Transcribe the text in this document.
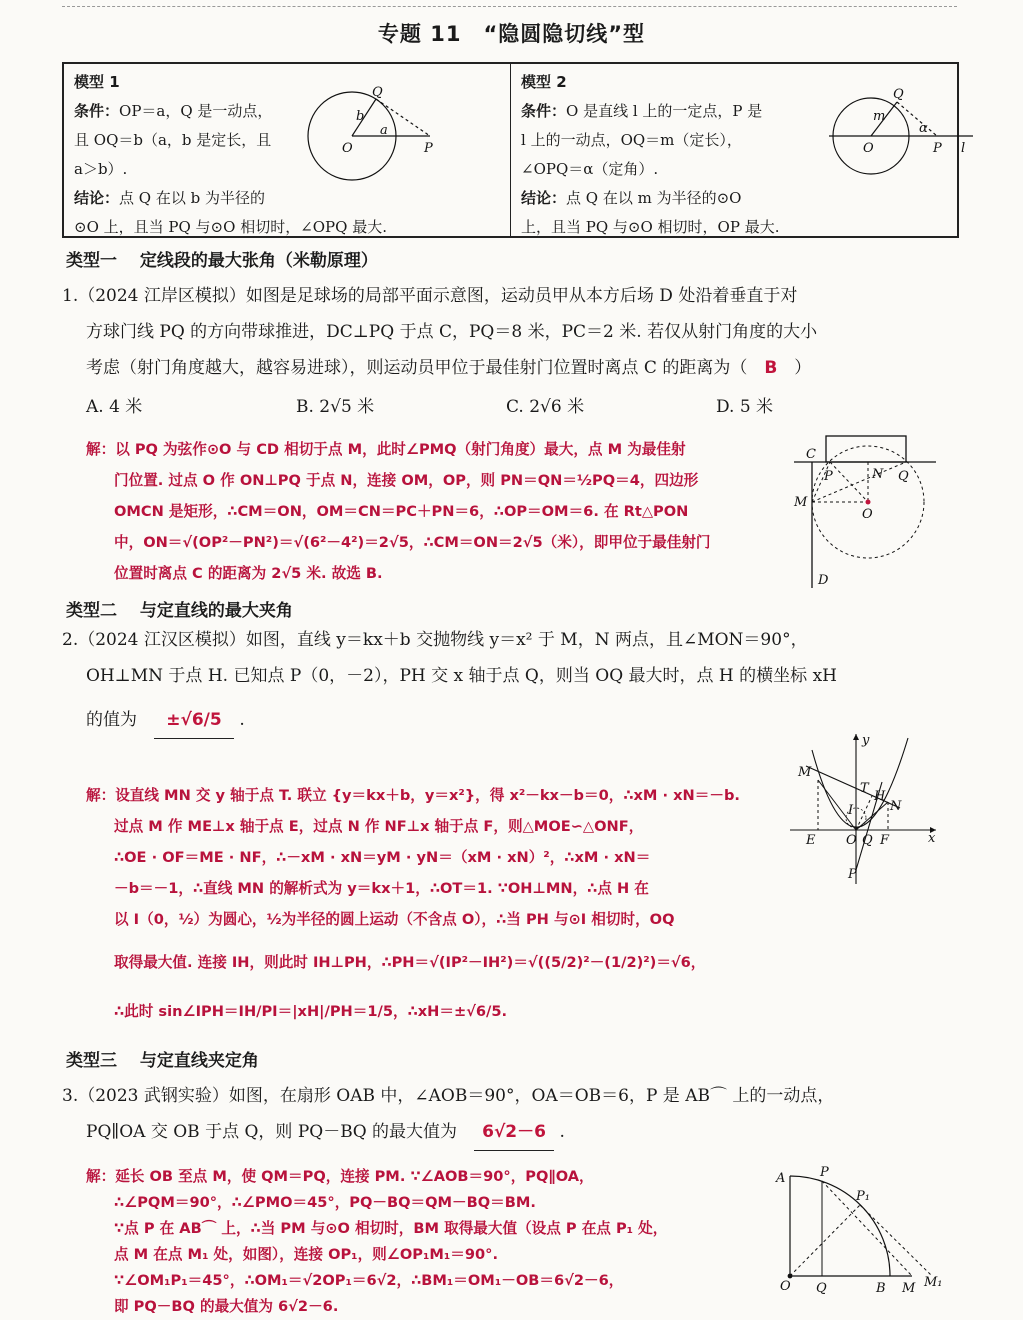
专题 11　“隐圆隐切线”型
模型 1
条件：OP＝a，Q 是一动点，
且 OQ＝b（a，b 是定长，且
a＞b）.
结论：点 Q 在以 b 为半径的
⊙O 上，且当 PQ 与⊙O 相切时，∠OPQ 最大.
Q
b
O
a
P
模型 2
条件：O 是直线 l 上的一定点，P 是
l 上的一动点，OQ＝m（定长），
∠OPQ＝α（定角）.
结论：点 Q 在以 m 为半径的⊙O
上，且当 PQ 与⊙O 相切时，OP 最大.
Q
m
α
O	P l
类型一　 定线段的最大张角（米勒原理）
1.（2024 江岸区模拟）如图是足球场的局部平面示意图，运动员甲从本方后场 D 处沿着垂直于对
方球门线 PQ 的方向带球推进，DC⊥PQ 于点 C，PQ＝8 米，PC＝2 米. 若仅从射门角度的大小
考虑（射门角度越大，越容易进球），则运动员甲位于最佳射门位置时离点 C 的距离为（　 B　 ）
A. 4 米	B. 2√5 米	C. 2√6 米	D. 5 米
解：以 PQ 为弦作⊙O 与 CD 相切于点 M，此时∠PMQ（射门角度）最大，点 M 为最佳射
门位置. 过点 O 作 ON⊥PQ 于点 N，连接 OM，OP，则 PN＝QN＝½PQ＝4，四边形
OMCN 是矩形，∴CM＝ON，OM＝CN＝PC＋PN＝6，∴OP＝OM＝6. 在 Rt△PON
中，ON＝√(OP²－PN²)＝√(6²－4²)＝2√5，∴CM＝ON＝2√5（米），即甲位于最佳射门
位置时离点 C 的距离为 2√5 米. 故选 B.
C
P	N Q
M
O
D
类型二　 与定直线的最大夹角
2.（2024 江汉区模拟）如图，直线 y＝kx＋b 交抛物线 y＝x² 于 M，N 两点，且∠MON＝90°，
OH⊥MN 于点 H. 已知点 P（0，－2），PH 交 x 轴于点 Q，则当 OQ 最大时，点 H 的横坐标 xH
的值为　 ±√6/5 .
解：设直线 MN 交 y 轴于点 T. 联立 {y＝kx＋b，y＝x²}，得 x²－kx－b＝0，∴xM · xN＝－b.
过点 M 作 ME⊥x 轴于点 E，过点 N 作 NF⊥x 轴于点 F，则△MOE∽△ONF，
∴OE · OF＝ME · NF，∴－xM · xN＝yM · yN＝（xM · xN）²，∴xM · xN＝
－b＝－1，∴直线 MN 的解析式为 y＝kx＋1，∴OT＝1. ∵OH⊥MN，∴点 H 在
以 I（0，½）为圆心，½为半径的圆上运动（不含点 O），∴当 PH 与⊙I 相切时，OQ
取得最大值. 连接 IH，则此时 IH⊥PH，∴PH＝√(IP²－IH²)＝√((5/2)²－(1/2)²)＝√6，
∴此时 sin∠IPH＝IH/PI＝|xH|/PH＝1/5，∴xH＝±√6/5.
y
M
T
H
I	N
E O Q F	x
P
类型三　 与定直线夹定角
3.（2023 武钢实验）如图，在扇形 OAB 中，∠AOB＝90°，OA＝OB＝6，P 是 AB⌒ 上的一动点，
PQ∥OA 交 OB 于点 Q，则 PQ－BQ 的最大值为　 6√2－6 .
解：延长 OB 至点 M，使 QM＝PQ，连接 PM. ∵∠AOB＝90°，PQ∥OA，
∴∠PQM＝90°，∴∠PMO＝45°，PQ－BQ＝QM－BQ＝BM.
∵点 P 在 AB⌒ 上，∴当 PM 与⊙O 相切时，BM 取得最大值（设点 P 在点 P₁ 处，
点 M 在点 M₁ 处，如图），连接 OP₁，则∠OP₁M₁＝90°.
∵∠OM₁P₁＝45°，∴OM₁＝√2OP₁＝6√2，∴BM₁＝OM₁－OB＝6√2－6，
即 PQ－BQ 的最大值为 6√2－6.
A	P
P₁
O Q	B M M₁
